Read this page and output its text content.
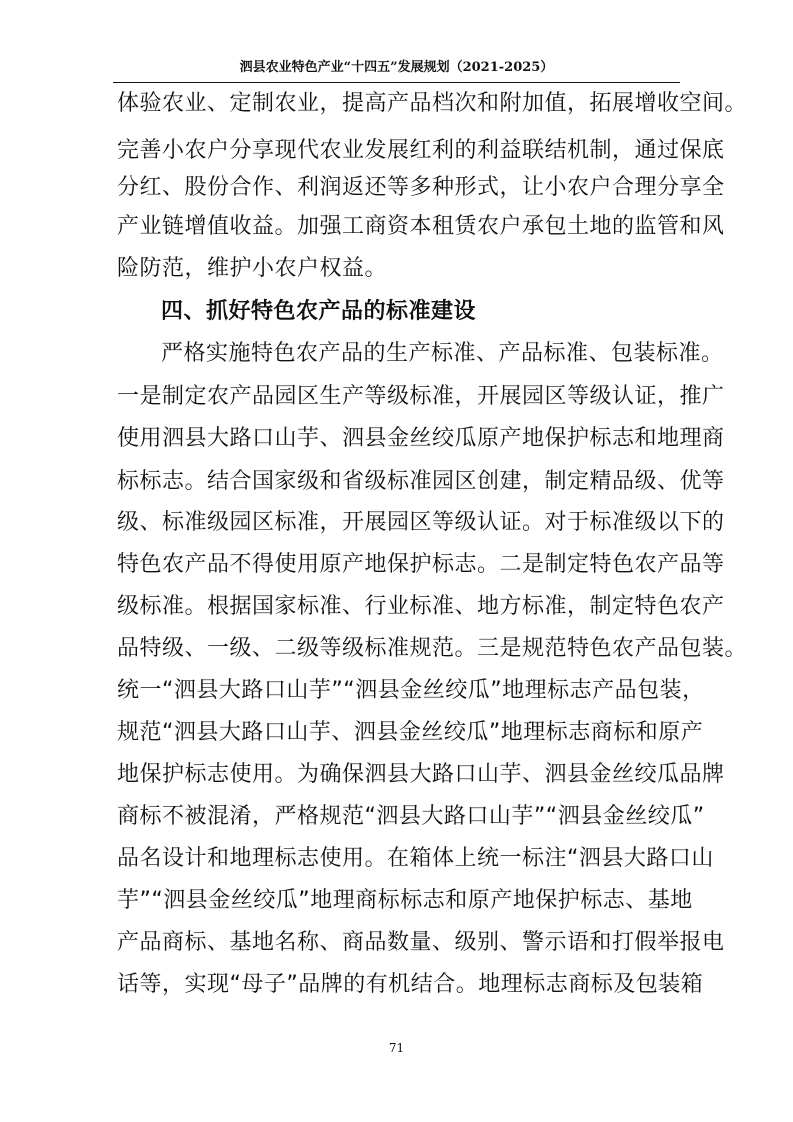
泗县农业特色产业“十四五”发展规划（2021-2025）
体验农业、定制农业，提高产品档次和附加值，拓展增收空间。
完善小农户分享现代农业发展红利的利益联结机制，通过保底
分红、股份合作、利润返还等多种形式，让小农户合理分享全
产业链增值收益。加强工商资本租赁农户承包土地的监管和风
险防范，维护小农户权益。
四、抓好特色农产品的标准建设
严格实施特色农产品的生产标准、产品标准、包装标准。
一是制定农产品园区生产等级标准，开展园区等级认证，推广
使用泗县大路口山芋、泗县金丝绞瓜原产地保护标志和地理商
标标志。结合国家级和省级标准园区创建，制定精品级、优等
级、标准级园区标准，开展园区等级认证。对于标准级以下的
特色农产品不得使用原产地保护标志。二是制定特色农产品等
级标准。根据国家标准、行业标准、地方标准，制定特色农产
品特级、一级、二级等级标准规范。三是规范特色农产品包装。
统一“泗县大路口山芋”“泗县金丝绞瓜”地理标志产品包装，
规范“泗县大路口山芋、泗县金丝绞瓜”地理标志商标和原产
地保护标志使用。为确保泗县大路口山芋、泗县金丝绞瓜品牌
商标不被混淆，严格规范“泗县大路口山芋”“泗县金丝绞瓜”
品名设计和地理标志使用。在箱体上统一标注“泗县大路口山
芋”“泗县金丝绞瓜”地理商标标志和原产地保护标志、基地
产品商标、基地名称、商品数量、级别、警示语和打假举报电
话等，实现“母子”品牌的有机结合。地理标志商标及包装箱
71
